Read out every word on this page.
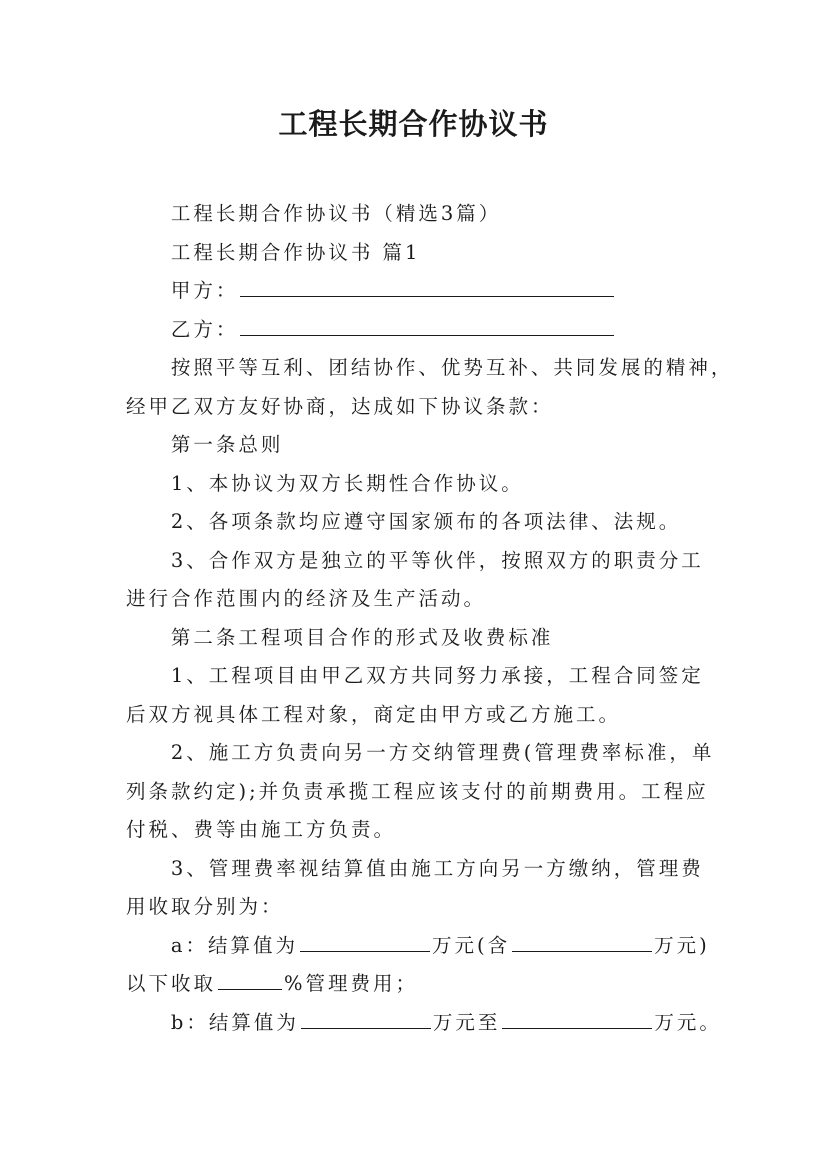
工程长期合作协议书

工程长期合作协议书（精选3篇）

工程长期合作协议书 篇1

甲方：

乙方：

按照平等互利、团结协作、优势互补、共同发展的精神，
经甲乙双方友好协商，达成如下协议条款：

第一条总则

1、本协议为双方长期性合作协议。

2、各项条款均应遵守国家颁布的各项法律、法规。

3、合作双方是独立的平等伙伴，按照双方的职责分工
进行合作范围内的经济及生产活动。

第二条工程项目合作的形式及收费标准

1、工程项目由甲乙双方共同努力承接，工程合同签定
后双方视具体工程对象，商定由甲方或乙方施工。

2、施工方负责向另一方交纳管理费(管理费率标准，单
列条款约定);并负责承揽工程应该支付的前期费用。工程应
付税、费等由施工方负责。

3、管理费率视结算值由施工方向另一方缴纳，管理费
用收取分别为：

a：结算值为	万元(含	万元)
以下收取	%管理费用；

b：结算值为	万元至	万元。
